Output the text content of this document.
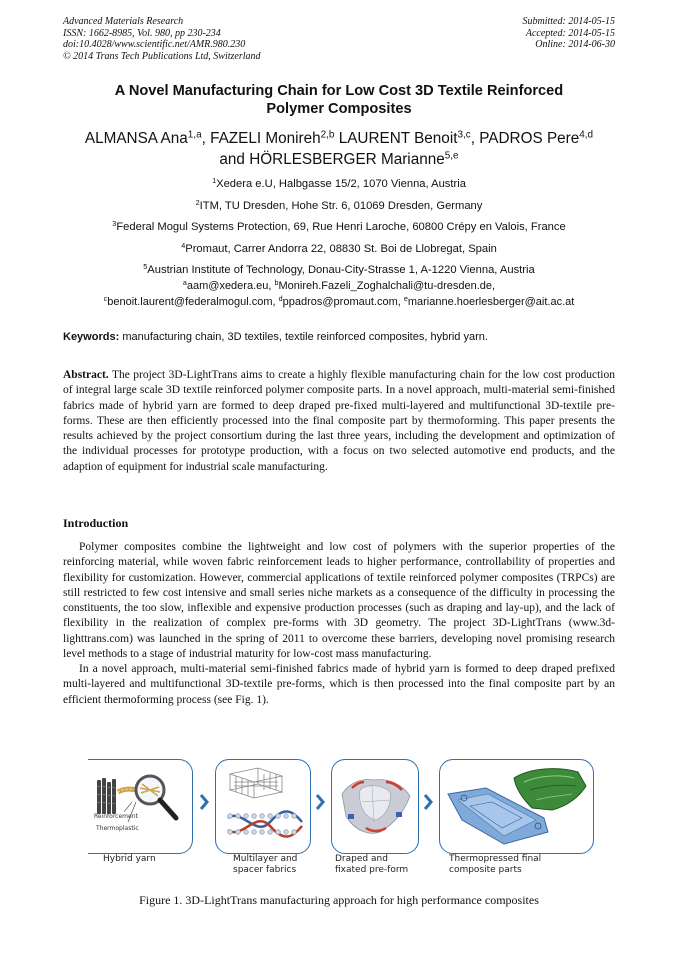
Advanced Materials Research
ISSN: 1662-8985, Vol. 980, pp 230-234
doi:10.4028/www.scientific.net/AMR.980.230
© 2014 Trans Tech Publications Ltd, Switzerland
Submitted: 2014-05-15
Accepted: 2014-05-15
Online: 2014-06-30
A Novel Manufacturing Chain for Low Cost 3D Textile Reinforced
Polymer Composites
ALMANSA Ana$^{1,a}$, FAZELI Monireh$^{2,b}$ LAURENT Benoit$^{3,c}$, PADROS Pere$^{4,d}$
and HÖRLESBERGER Marianne$^{5,e}$
$^1$Xedera e.U, Halbgasse 15/2, 1070 Vienna, Austria
$^2$ITM, TU Dresden, Hohe Str. 6, 01069 Dresden, Germany
$^3$Federal Mogul Systems Protection, 69, Rue Henri Laroche, 60800 Crépy en Valois, France
$^4$Promaut, Carrer Andorra 22, 08830 St. Boi de Llobregat, Spain
$^5$Austrian Institute of Technology, Donau-City-Strasse 1, A-1220 Vienna, Austria
$^a$aam@xedera.eu, $^b$Monireh.Fazeli_Zoghalchali@tu-dresden.de,
$^c$benoit.laurent@federalmogul.com, $^d$ppadros@promaut.com, $^e$marianne.hoerlesberger@ait.ac.at
Keywords: manufacturing chain, 3D textiles, textile reinforced composites, hybrid yarn.

Abstract. The project 3D-LightTrans aims to create a highly flexible manufacturing chain for the low cost production of integral large scale 3D textile reinforced polymer composite parts. In a novel approach, multi-material semi-finished fabrics made of hybrid yarn are formed to deep draped pre-fixed multi-layered and multifunctional 3D-textile pre-forms. These are then efficiently processed into the final composite part by thermoforming. This paper presents the results achieved by the project consortium during the last three years, including the development and optimization of the individual processes for prototype production, with a focus on two selected automotive end products, and the adaption of equipment for industrial scale manufacturing.

Introduction

Polymer composites combine the lightweight and low cost of polymers with the superior properties of the reinforcing material, while woven fabric reinforcement leads to higher performance, controllability of properties and flexibility for customization. However, commercial applications of textile reinforced polymer composites (TRPCs) are still restricted to few cost intensive and small series niche markets as a consequence of the difficulty in processing the constituents, the too slow, inflexible and expensive production processes (such as draping and lay-up), and the lack of flexibility in the realization of complex pre-forms with 3D geometry. The project 3D-LightTrans (www.3d-lighttrans.com) was launched in the spring of 2011 to overcome these barriers, developing novel promising research level methods to a stage of industrial maturity for low-cost mass manufacturing.

In a novel approach, multi-material semi-finished fabrics made of hybrid yarn is formed to deep draped prefixed multi-layered and multifunctional 3D-textile pre-forms, which is then processed into the final composite part by an efficient thermoforming process (see Fig. 1).

Reinforcement
Thermoplastic
Hybrid yarn	Multilayer and
spacer fabrics
Draped and
fixated pre-form
Thermopressed final
composite parts
Figure 1. 3D-LightTrans manufacturing approach for high performance composites
